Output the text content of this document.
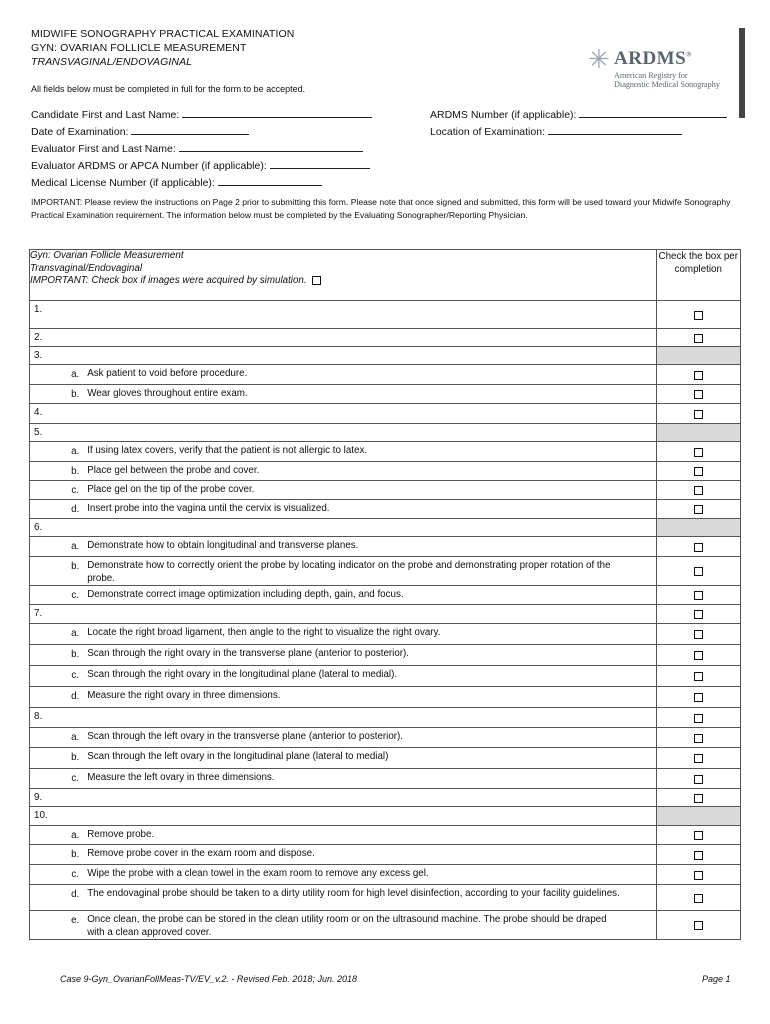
MIDWIFE SONOGRAPHY PRACTICAL EXAMINATION
GYN: OVARIAN FOLLICLE MEASUREMENT
TRANSVAGINAL/ENDOVAGINAL	✳ ARDMS®
American Registry for
Diagnostic Medical Sonography
All fields below must be completed in full for the form to be accepted.
Candidate First and Last Name:	ARDMS Number (if applicable):
Date of Examination:	Location of Examination:
Evaluator First and Last Name:
Evaluator ARDMS or APCA Number (if applicable):
Medical License Number (if applicable):
IMPORTANT: Please review the instructions on Page 2 prior to submitting this form. Please note that once signed and submitted, this form will be used toward your Midwife Sonography Practical Examination requirement. The information below must be completed by the Evaluating Sonographer/Reporting Physician.
Gyn: Ovarian Follicle Measurement
Transvaginal/Endovaginal
IMPORTANT: Check box if images were acquired by simulation.		Check the box per completion
1.		
2.		
3.		

	a. Ask patient to void before procedure.	

	b. Wear gloves throughout entire exam.	

4.		
5.		

	a. If using latex covers, verify that the patient is not allergic to latex.	

	b. Place gel between the probe and cover.	

	c. Place gel on the tip of the probe cover.	

	d. Insert probe into the vagina until the cervix is visualized.	

6.		

	a. Demonstrate how to obtain longitudinal and transverse planes.	

	b. Demonstrate how to correctly orient the probe by locating indicator on the probe and demonstrating proper rotation of the probe.	

	c. Demonstrate correct image optimization including depth, gain, and focus.	

7.		

	a. Locate the right broad ligament, then angle to the right to visualize the right ovary.	

	b. Scan through the right ovary in the transverse plane (anterior to posterior).	

	c. Scan through the right ovary in the longitudinal plane (lateral to medial).	

	d. Measure the right ovary in three dimensions.	

8.		

	a. Scan through the left ovary in the transverse plane (anterior to posterior).	

	b. Scan through the left ovary in the longitudinal plane (lateral to medial)	

	c. Measure the left ovary in three dimensions.	

9.		
10.		

	a. Remove probe.	

	b. Remove probe cover in the exam room and dispose.	

	c. Wipe the probe with a clean towel in the exam room to remove any excess gel.	

	d. The endovaginal probe should be taken to a dirty utility room for high level disinfection, according to your facility guidelines.	

	e. Once clean, the probe can be stored in the clean utility room or on the ultrasound machine. The probe should be draped with a clean approved cover.	

Case 9-Gyn_OvarianFollMeas-TV/EV_v.2. - Revised Feb. 2018; Jun. 2018	Page 1
